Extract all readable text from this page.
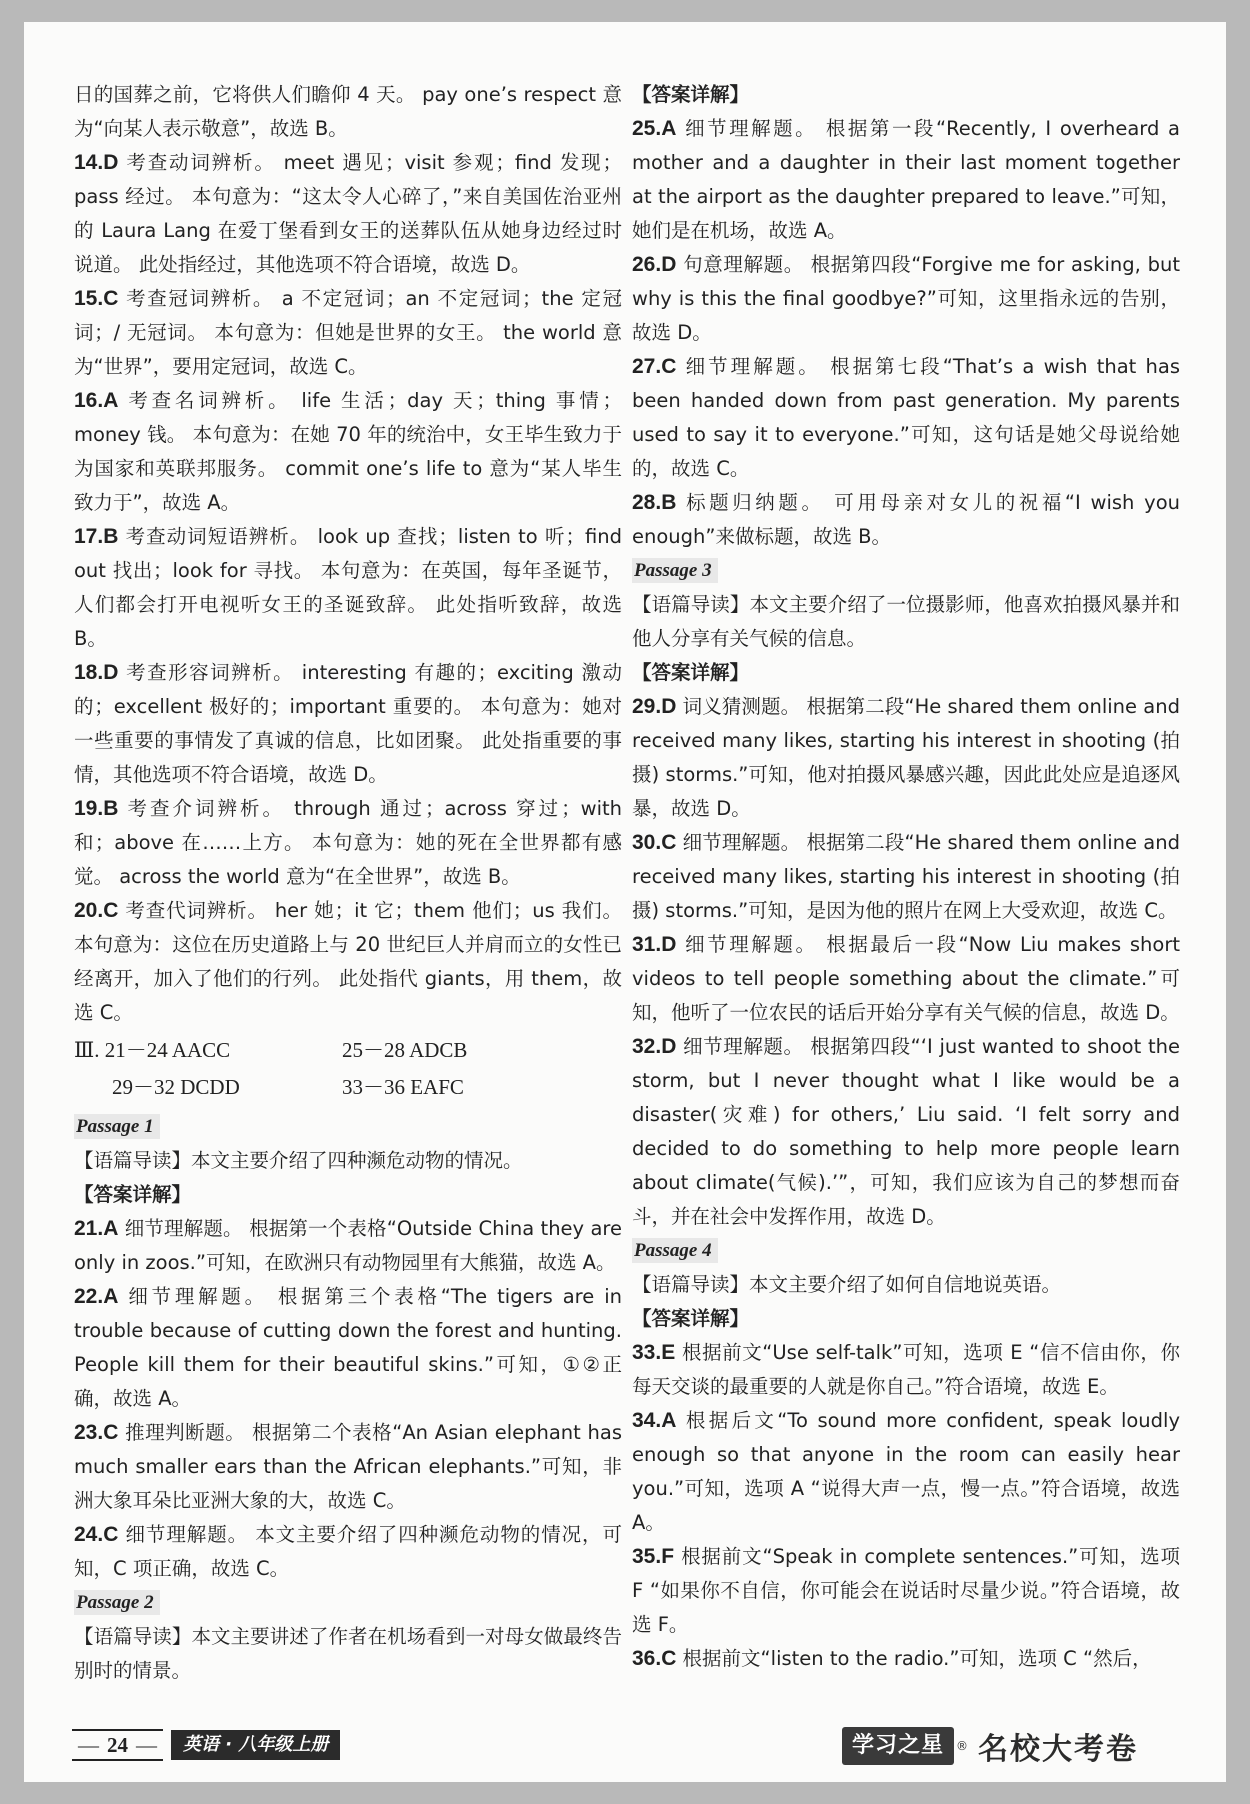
日的国葬之前，它将供人们瞻仰 4 天。 pay one’s respect 意为“向某人表示敬意”，故选 B。

14.D 考查动词辨析。 meet 遇见；visit 参观；find 发现；pass 经过。 本句意为：“这太令人心碎了，”来自美国佐治亚州的 Laura Lang 在爱丁堡看到女王的送葬队伍从她身边经过时说道。 此处指经过，其他选项不符合语境，故选 D。

15.C 考查冠词辨析。 a 不定冠词；an 不定冠词；the 定冠词；/ 无冠词。 本句意为：但她是世界的女王。 the world 意为“世界”，要用定冠词，故选 C。

16.A 考查名词辨析。 life 生活；day 天；thing 事情；money 钱。 本句意为：在她 70 年的统治中，女王毕生致力于为国家和英联邦服务。 commit one’s life to 意为“某人毕生致力于”，故选 A。

17.B 考查动词短语辨析。 look up 查找；listen to 听；find out 找出；look for 寻找。 本句意为：在英国，每年圣诞节，人们都会打开电视听女王的圣诞致辞。 此处指听致辞，故选 B。

18.D 考查形容词辨析。 interesting 有趣的；exciting 激动的；excellent 极好的；important 重要的。 本句意为：她对一些重要的事情发了真诚的信息，比如团聚。 此处指重要的事情，其他选项不符合语境，故选 D。

19.B 考查介词辨析。 through 通过；across 穿过；with 和；above 在……上方。 本句意为：她的死在全世界都有感觉。 across the world 意为“在全世界”，故选 B。

20.C 考查代词辨析。 her 她；it 它；them 他们；us 我们。本句意为：这位在历史道路上与 20 世纪巨人并肩而立的女性已经离开，加入了他们的行列。 此处指代 giants，用 them，故选 C。

Ⅲ. 21－24 AACC	25－28 ADCB
29－32 DCDD	33－36 EAFC

Passage 1

【语篇导读】本文主要介绍了四种濒危动物的情况。

【答案详解】

21.A 细节理解题。 根据第一个表格“Outside China they are only in zoos.”可知，在欧洲只有动物园里有大熊猫，故选 A。

22.A 细节理解题。 根据第三个表格“The tigers are in trouble because of cutting down the forest and hunting. People kill them for their beautiful skins.”可知，①②正确，故选 A。

23.C 推理判断题。 根据第二个表格“An Asian elephant has much smaller ears than the African elephants.”可知，非洲大象耳朵比亚洲大象的大，故选 C。

24.C 细节理解题。 本文主要介绍了四种濒危动物的情况，可知，C 项正确，故选 C。

Passage 2

【语篇导读】本文主要讲述了作者在机场看到一对母女做最终告别时的情景。

【答案详解】

25.A 细节理解题。 根据第一段“Recently, I overheard a mother and a daughter in their last moment together at the airport as the daughter prepared to leave.”可知，她们是在机场，故选 A。

26.D 句意理解题。 根据第四段“Forgive me for asking, but why is this the final goodbye?”可知，这里指永远的告别，故选 D。

27.C 细节理解题。 根据第七段“That’s a wish that has been handed down from past generation. My parents used to say it to everyone.”可知，这句话是她父母说给她的，故选 C。

28.B 标题归纳题。 可用母亲对女儿的祝福“I wish you enough”来做标题，故选 B。

Passage 3

【语篇导读】本文主要介绍了一位摄影师，他喜欢拍摄风暴并和他人分享有关气候的信息。

【答案详解】

29.D 词义猜测题。 根据第二段“He shared them online and received many likes, starting his interest in shooting (拍摄) storms.”可知，他对拍摄风暴感兴趣，因此此处应是追逐风暴，故选 D。

30.C 细节理解题。 根据第二段“He shared them online and received many likes, starting his interest in shooting (拍摄) storms.”可知，是因为他的照片在网上大受欢迎，故选 C。

31.D 细节理解题。 根据最后一段“Now Liu makes short videos to tell people something about the climate.”可知，他听了一位农民的话后开始分享有关气候的信息，故选 D。

32.D 细节理解题。 根据第四段“‘I just wanted to shoot the storm, but I never thought what I like would be a disaster(灾难) for others,’ Liu said. ‘I felt sorry and decided to do something to help more people learn about climate(气候).’”，可知，我们应该为自己的梦想而奋斗，并在社会中发挥作用，故选 D。

Passage 4

【语篇导读】本文主要介绍了如何自信地说英语。

【答案详解】

33.E 根据前文“Use self-talk”可知，选项 E “信不信由你，你每天交谈的最重要的人就是你自己。”符合语境，故选 E。

34.A 根据后文“To sound more confident, speak loudly enough so that anyone in the room can easily hear you.”可知，选项 A “说得大声一点，慢一点。”符合语境，故选 A。

35.F 根据前文“Speak in complete sentences.”可知，选项 F “如果你不自信，你可能会在说话时尽量少说。”符合语境，故选 F。

36.C 根据前文“listen to the radio.”可知，选项 C “然后，

— 24 —	英语 · 八年级上册	学习之星	® 名校大考卷
